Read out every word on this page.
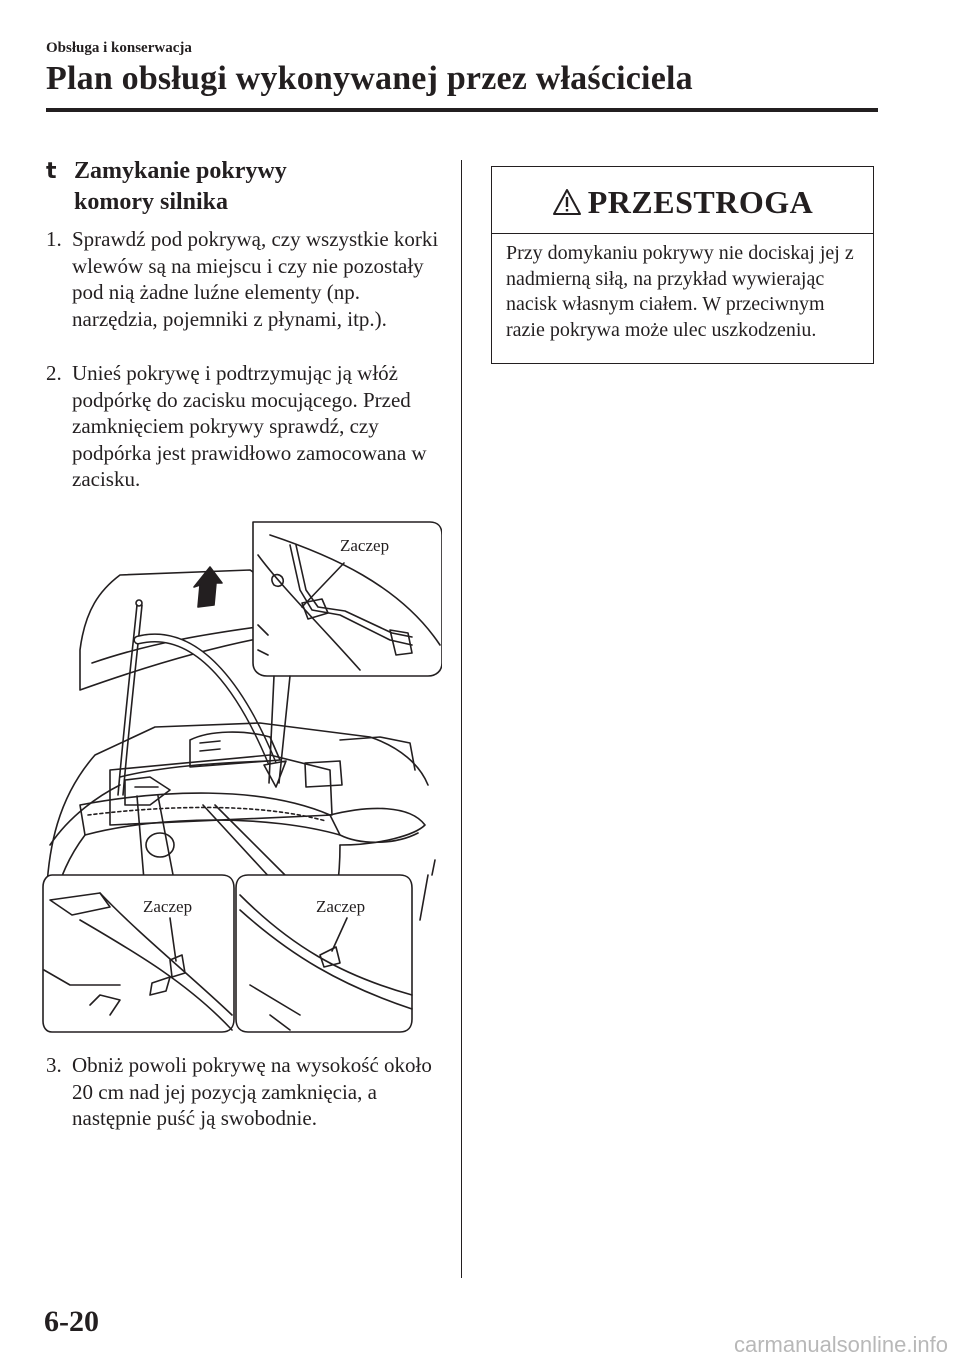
Obsługa i konserwacja
Plan obsługi wykonywanej przez właściciela
t Zamykanie pokrywy
komory silnika
1. Sprawdź pod pokrywą, czy wszystkie korki wlewów są na miejscu i czy nie pozostały pod nią żadne luźne elementy (np. narzędzia, pojemniki z płynami, itp.).
2. Unieś pokrywę i podtrzymując ją włóż podpórkę do zacisku mocującego. Przed zamknięciem pokrywy sprawdź, czy podpórka jest prawidłowo zamocowana w zacisku.
Zaczep
Zaczep	Zaczep
3. Obniż powoli pokrywę na wysokość około 20 cm nad jej pozycją zamknięcia, a następnie puść ją swobodnie.
PRZESTROGA
Przy domykaniu pokrywy nie dociskaj jej z nadmierną siłą, na przykład wywierając nacisk własnym ciałem. W przeciwnym razie pokrywa może ulec uszkodzeniu.
6-20
carmanualsonline.info
